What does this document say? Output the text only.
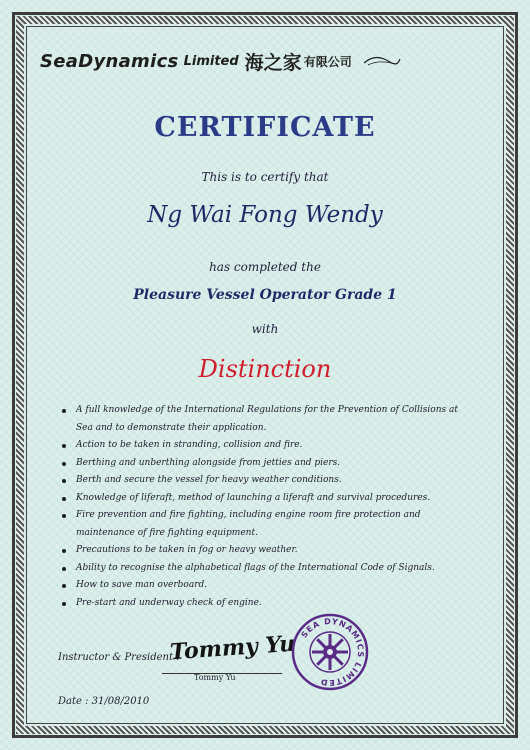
SeaDynamics Limited 海之家 有限公司
CERTIFICATE
This is to certify that
Ng Wai Fong Wendy
has completed the
Pleasure Vessel Operator Grade 1
with
Distinction
A full knowledge of the International Regulations for the Prevention of Collisions at Sea and to demonstrate their application.
Action to be taken in stranding, collision and fire.
Berthing and unberthing alongside from jetties and piers.
Berth and secure the vessel for heavy weather conditions.
Knowledge of liferaft, method of launching a liferaft and survival procedures.
Fire prevention and fire fighting, including engine room fire protection and maintenance of fire fighting equipment.
Precautions to be taken in fog or heavy weather.
Ability to recognise the alphabetical flags of the International Code of Signals.
How to save man overboard.
Pre-start and underway check of engine.
Instructor & President :
Tommy Yu
Tommy Yu
SEA DYNAMICS LIMITED
Date : 31/08/2010
